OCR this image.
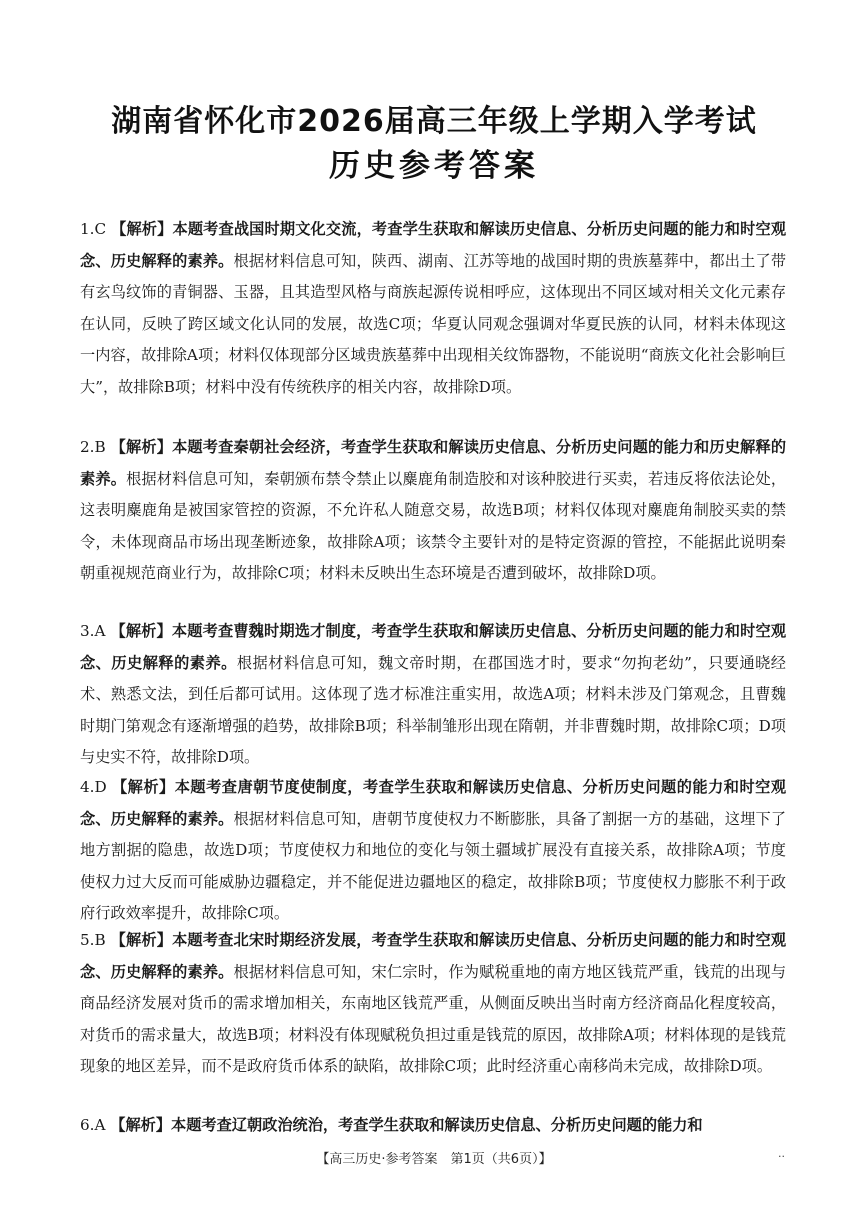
湖南省怀化市2026届高三年级上学期入学考试
历史参考答案
1.C 【解析】本题考查战国时期文化交流，考查学生获取和解读历史信息、分析历史问题的能力和时空观念、历史解释的素养。根据材料信息可知，陕西、湖南、江苏等地的战国时期的贵族墓葬中，都出土了带有玄鸟纹饰的青铜器、玉器，且其造型风格与商族起源传说相呼应，这体现出不同区域对相关文化元素存在认同，反映了跨区域文化认同的发展，故选C项；华夏认同观念强调对华夏民族的认同，材料未体现这一内容，故排除A项；材料仅体现部分区域贵族墓葬中出现相关纹饰器物，不能说明“商族文化社会影响巨大”，故排除B项；材料中没有传统秩序的相关内容，故排除D项。
2.B 【解析】本题考查秦朝社会经济，考查学生获取和解读历史信息、分析历史问题的能力和历史解释的素养。根据材料信息可知，秦朝颁布禁令禁止以麋鹿角制造胶和对该种胶进行买卖，若违反将依法论处，这表明麋鹿角是被国家管控的资源，不允许私人随意交易，故选B项；材料仅体现对麋鹿角制胶买卖的禁令，未体现商品市场出现垄断迹象，故排除A项；该禁令主要针对的是特定资源的管控，不能据此说明秦朝重视规范商业行为，故排除C项；材料未反映出生态环境是否遭到破坏，故排除D项。
3.A 【解析】本题考查曹魏时期选才制度，考查学生获取和解读历史信息、分析历史问题的能力和时空观念、历史解释的素养。根据材料信息可知，魏文帝时期，在郡国选才时，要求“勿拘老幼”，只要通晓经术、熟悉文法，到任后都可试用。这体现了选才标准注重实用，故选A项；材料未涉及门第观念，且曹魏时期门第观念有逐渐增强的趋势，故排除B项；科举制雏形出现在隋朝，并非曹魏时期，故排除C项；D项与史实不符，故排除D项。
4.D 【解析】本题考查唐朝节度使制度，考查学生获取和解读历史信息、分析历史问题的能力和时空观念、历史解释的素养。根据材料信息可知，唐朝节度使权力不断膨胀，具备了割据一方的基础，这埋下了地方割据的隐患，故选D项；节度使权力和地位的变化与领土疆域扩展没有直接关系，故排除A项；节度使权力过大反而可能威胁边疆稳定，并不能促进边疆地区的稳定，故排除B项；节度使权力膨胀不利于政府行政效率提升，故排除C项。
5.B 【解析】本题考查北宋时期经济发展，考查学生获取和解读历史信息、分析历史问题的能力和时空观念、历史解释的素养。根据材料信息可知，宋仁宗时，作为赋税重地的南方地区钱荒严重，钱荒的出现与商品经济发展对货币的需求增加相关，东南地区钱荒严重，从侧面反映出当时南方经济商品化程度较高，对货币的需求量大，故选B项；材料没有体现赋税负担过重是钱荒的原因，故排除A项；材料体现的是钱荒现象的地区差异，而不是政府货币体系的缺陷，故排除C项；此时经济重心南移尚未完成，故排除D项。
6.A 【解析】本题考查辽朝政治统治，考查学生获取和解读历史信息、分析历史问题的能力和
【高三历史·参考答案　第1页（共6页）】	··
